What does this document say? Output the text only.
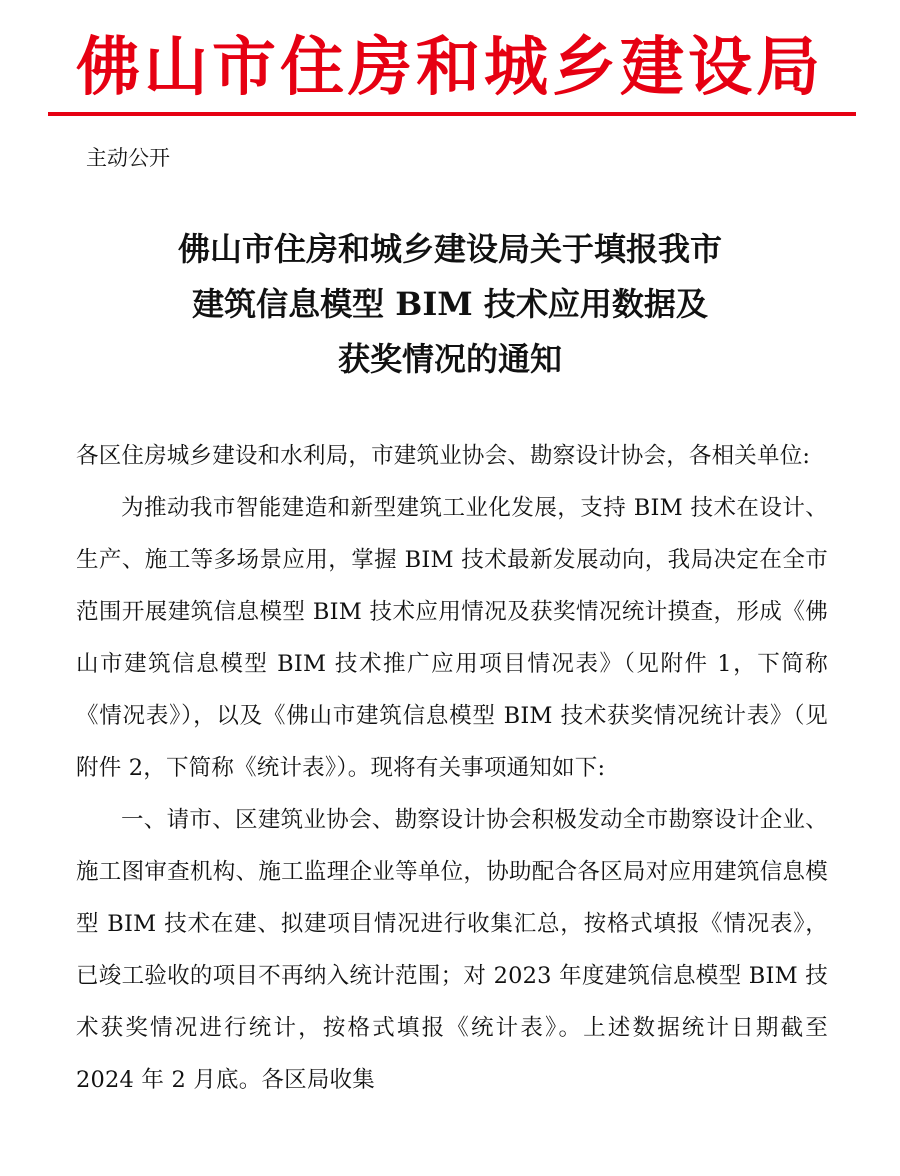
佛山市住房和城乡建设局
主动公开
佛山市住房和城乡建设局关于填报我市
建筑信息模型 BIM 技术应用数据及
获奖情况的通知

各区住房城乡建设和水利局，市建筑业协会、勘察设计协会，各相关单位:

为推动我市智能建造和新型建筑工业化发展，支持 BIM 技术在设计、生产、施工等多场景应用，掌握 BIM 技术最新发展动向，我局决定在全市范围开展建筑信息模型 BIM 技术应用情况及获奖情况统计摸查，形成《佛山市建筑信息模型 BIM 技术推广应用项目情况表》（见附件 1，下简称《情况表》），以及《佛山市建筑信息模型 BIM 技术获奖情况统计表》（见附件 2，下简称《统计表》）。现将有关事项通知如下:

一、请市、区建筑业协会、勘察设计协会积极发动全市勘察设计企业、施工图审查机构、施工监理企业等单位，协助配合各区局对应用建筑信息模型 BIM 技术在建、拟建项目情况进行收集汇总，按格式填报《情况表》，已竣工验收的项目不再纳入统计范围；对 2023 年度建筑信息模型 BIM 技术获奖情况进行统计，按格式填报《统计表》。上述数据统计日期截至 2024 年 2 月底。各区局收集
